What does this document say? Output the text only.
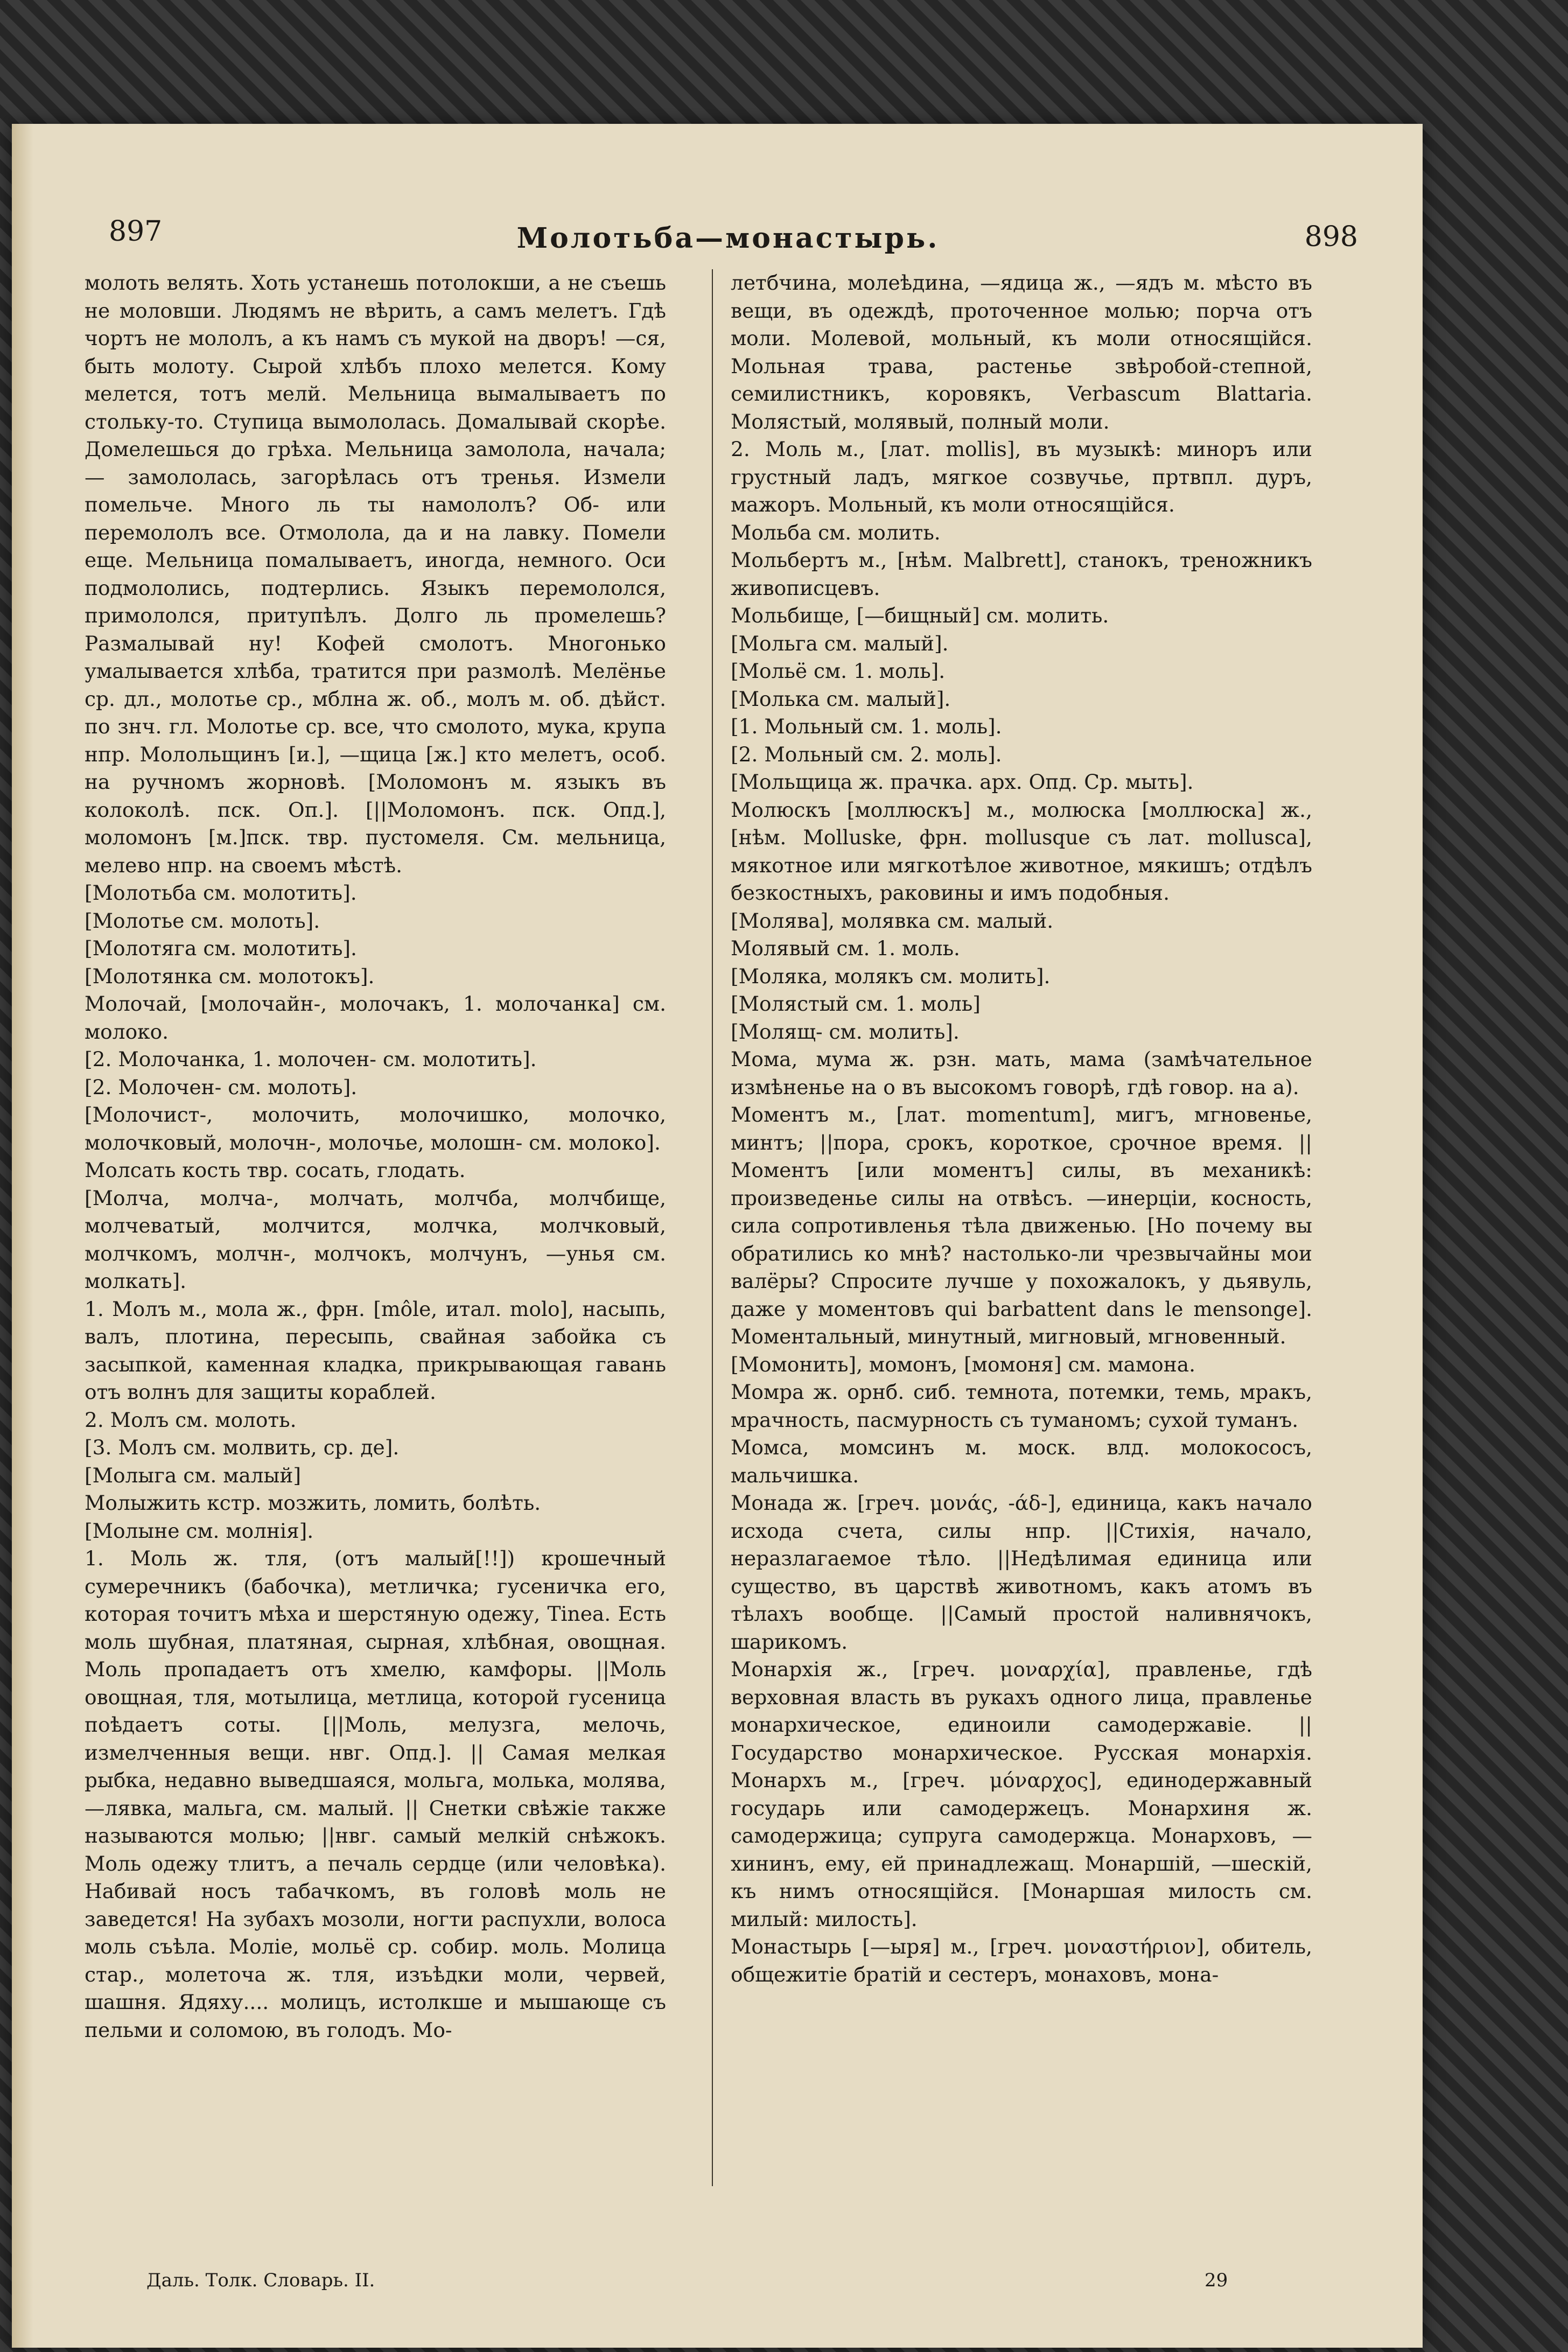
897	Молотьба—монастырь.	898

молоть велять. Хоть устанешь потолокши, а не съешь не моловши. Людямъ не вѣрить, а самъ мелетъ. Гдѣ чортъ не мололъ, а къ намъ съ мукой на дворъ! —ся, быть молоту. Сырой хлѣбъ плохо мелется. Кому мелется, тотъ мелй. Мельница вымалываетъ по стольку-то. Ступица вымололась. Домалывай скорѣе. Домелешься до грѣха. Мельница замолола, начала; — замололась, загорѣлась отъ тренья. Измели помельче. Много ль ты намололъ? Об- или перемололъ все. Отмолола, да и на лавку. Помели еще. Мельница помалываетъ, иногда, немного. Оси подмололись, подтерлись. Языкъ перемололся, примололся, притупѣлъ. Долго ль промелешь? Размалывай ну! Кофей смолотъ. Многонько умалывается хлѣба, тратится при размолѣ. Мелёнье ср. дл., молотье ср., мблна ж. об., молъ м. об. дѣйст. по знч. гл. Молотье ср. все, что смолото, мука, крупа нпр. Молольщинъ [и.], —щица [ж.] кто мелетъ, особ. на ручномъ жорновѣ. [Моломонъ м. языкъ въ колоколѣ. пск. Оп.]. [||Моломонъ. пск. Опд.], моломонъ [м.]пск. твр. пустомеля. См. мельница, мелево нпр. на своемъ мѣстѣ.

[Молотьба см. молотить].

[Молотье см. молоть].

[Молотяга см. молотить].

[Молотянка см. молотокъ].

Молочай, [молочайн-, молочакъ, 1. молочанка] см. молоко.

[2. Молочанка, 1. молочен- см. молотить].

[2. Молочен- см. молоть].

[Молочист-, молочить, молочишко, молочко, молочковый, молочн-, молочье, молошн- см. молоко].

Молсать кость твр. сосать, глодать.

[Молча, молча-, молчать, молчба, молчбище, молчеватый, молчится, молчка, молчковый, молчкомъ, молчн-, молчокъ, молчунъ, —унья см. молкать].

1. Молъ м., мола ж., фрн. [môle, итал. molo], насыпь, валъ, плотина, пересыпь, свайная забойка съ засыпкой, каменная кладка, прикрывающая гавань отъ волнъ для защиты кораблей.

2. Молъ см. молоть.

[3. Молъ см. молвить, ср. де].

[Молыга см. малый]

Молыжить кстр. мозжить, ломить, болѣть.

[Молыне см. молнія].

1. Моль ж. тля, (отъ малый[!!]) крошечный сумеречникъ (бабочка), метличка; гусеничка его, которая точитъ мѣха и шерстяную одежу, Tinea. Есть моль шубная, платяная, сырная, хлѣбная, овощная. Моль пропадаетъ отъ хмелю, камфоры. ||Моль овощная, тля, мотылица, метлица, которой гусеница поѣдаетъ соты. [||Моль, мелузга, мелочь, измелченныя вещи. нвг. Опд.]. || Самая мелкая рыбка, недавно выведшаяся, мольга, молька, молява, —лявка, мальга, см. малый. || Снетки свѣжіе также называются молью; ||нвг. самый мелкій снѣжокъ. Моль одежу тлитъ, а печаль сердце (или человѣка). Набивай носъ табачкомъ, въ головѣ моль не заведется! На зубахъ мозоли, ногти распухли, волоса моль съѣла. Моліе, мольё ср. собир. моль. Молица стар., молеточа ж. тля, изъѣдки моли, червей, шашня. Ядяху.... молицъ, истолкше и мышающе съ пельми и соломою, въ голодъ. Мо-

летбчина, молеѣдина, —ядица ж., —ядъ м. мѣсто въ вещи, въ одеждѣ, проточенное молью; порча отъ моли. Молевой, мольный, къ моли относящійся. Мольная трава, растенье звѣробой-степной, семилистникъ, коровякъ, Verbascum Blattaria. Молястый, молявый, полный моли.

2. Моль м., [лат. mollis], въ музыкѣ: миноръ или грустный ладъ, мягкое созвучье, пртвпл. дуръ, мажоръ. Мольный, къ моли относящійся.

Мольба см. молить.

Мольбертъ м., [нѣм. Malbrett], станокъ, треножникъ живописцевъ.

Мольбище, [—бищный] см. молить.

[Мольга см. малый].

[Мольё см. 1. моль].

[Молька см. малый].

[1. Мольный см. 1. моль].

[2. Мольный см. 2. моль].

[Мольщица ж. прачка. арх. Опд. Ср. мыть].

Молюскъ [моллюскъ] м., молюска [моллюска] ж., [нѣм. Molluske, фрн. mollusque съ лат. mollusca], мякотное или мягкотѣлое животное, мякишъ; отдѣлъ безкостныхъ, раковины и имъ подобныя.

[Молява], молявка см. малый.

Молявый см. 1. моль.

[Моляка, молякъ см. молить].

[Молястый см. 1. моль]

[Молящ- см. молить].

Мома, мума ж. рзн. мать, мама (замѣчательное измѣненье на о въ высокомъ говорѣ, гдѣ говор. на а).

Моментъ м., [лат. momentum], мигъ, мгновенье, минтъ; ||пора, срокъ, короткое, срочное время. || Моментъ [или моментъ] силы, въ механикѣ: произведенье силы на отвѣсъ. —инерціи, косность, сила сопротивленья тѣла движенью. [Но почему вы обратились ко мнѣ? настолько-ли чрезвычайны мои валёры? Спросите лучше у похожалокъ, у дьявуль, даже у моментовъ qui barbattent dans le mensonge]. Моментальный, минутный, мигновый, мгновенный.

[Момонить], момонъ, [момоня] см. мамона.

Момра ж. орнб. сиб. темнота, потемки, темь, мракъ, мрачность, пасмурность съ туманомъ; сухой туманъ.

Момса, момсинъ м. моск. влд. молокососъ, мальчишка.

Монада ж. [греч. μονάς, -άδ-], единица, какъ начало исхода счета, силы нпр. ||Стихія, начало, неразлагаемое тѣло. ||Недѣлимая единица или существо, въ царствѣ животномъ, какъ атомъ въ тѣлахъ вообще. ||Самый простой наливнячокъ, шарикомъ.

Монархія ж., [греч. μοναρχία], правленье, гдѣ верховная власть въ рукахъ одного лица, правленье монархическое, единоили самодержавіе. ||Государство монархическое. Русская монархія. Монархъ м., [греч. μόναρχος], единодержавный государь или самодержецъ. Монархиня ж. самодержица; супруга самодержца. Монарховъ, —хининъ, ему, ей принадлежащ. Монаршій, —шескій, къ нимъ относящійся. [Монаршая милость см. милый: милость].

Монастырь [—ыря] м., [греч. μοναστήριον], обитель, общежитіе братій и сестеръ, монаховъ, мона-

Даль. Толк. Словарь. II.	29
